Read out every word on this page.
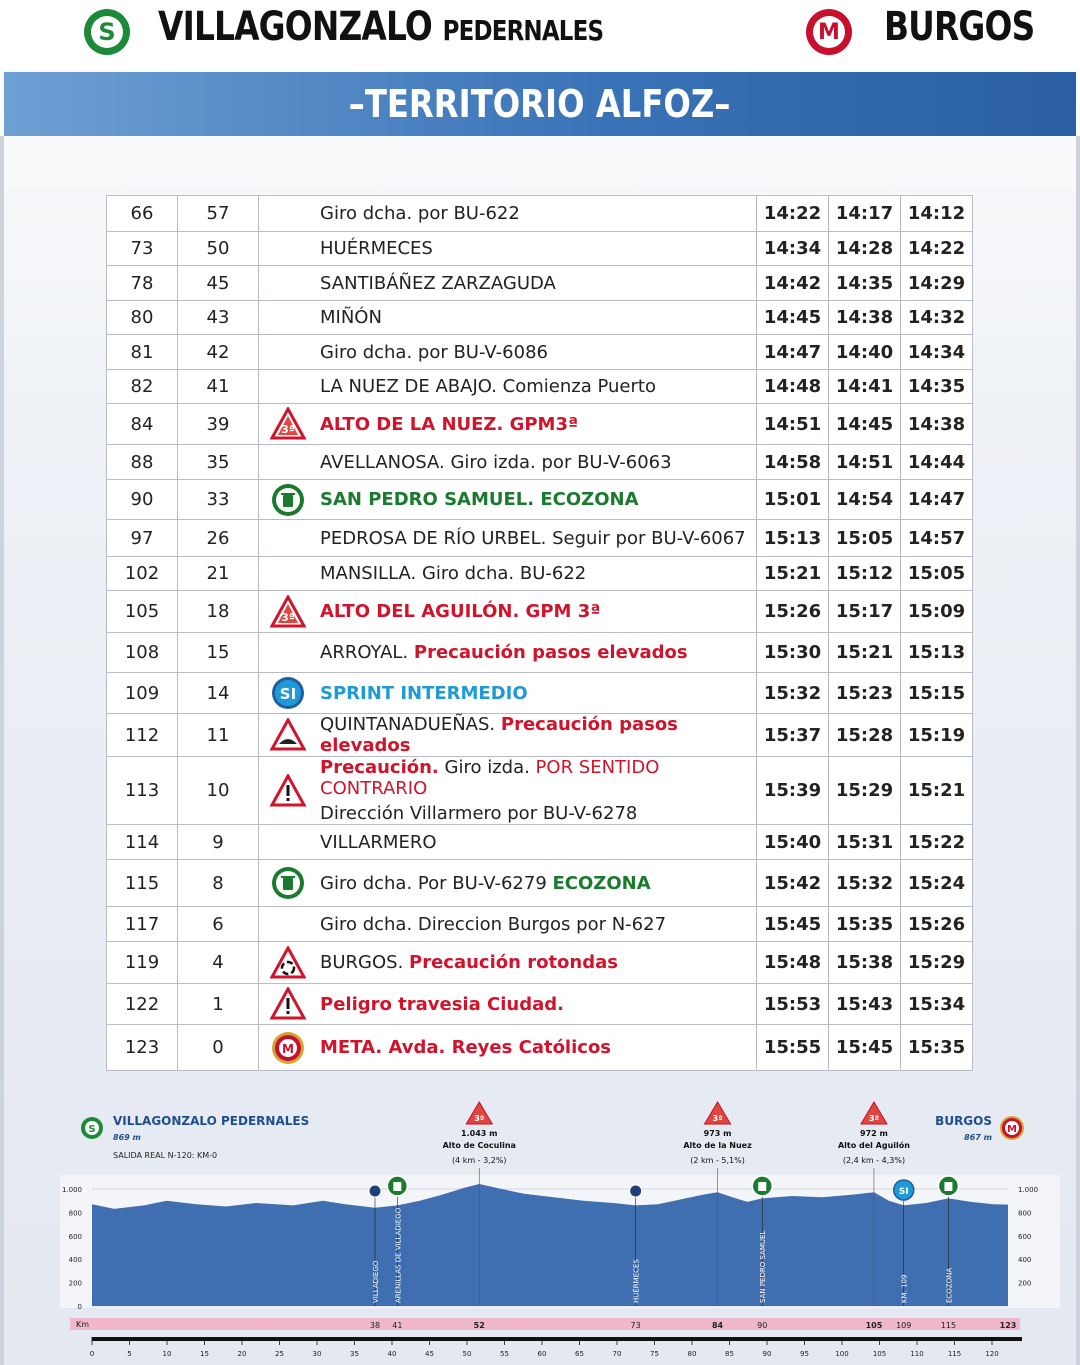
S VILLAGONZALO PEDERNALES	M BURGOS
–TERRITORIO ALFOZ–
66	57	Giro dcha. por BU-622	14:22	14:17	14:12
73	50	HUÉRMECES	14:34	14:28	14:22
78	45	SANTIBÁÑEZ ZARZAGUDA	14:42	14:35	14:29
80	43	MIÑÓN	14:45	14:38	14:32
81	42	Giro dcha. por BU-V-6086	14:47	14:40	14:34
82	41	LA NUEZ DE ABAJO. Comienza Puerto	14:48	14:41	14:35
84	39	3ª ALTO DE LA NUEZ. GPM3ª	14:51	14:45	14:38
88	35	AVELLANOSA. Giro izda. por BU-V-6063	14:58	14:51	14:44
90	33	SAN PEDRO SAMUEL. ECOZONA	15:01	14:54	14:47
97	26	PEDROSA DE RÍO URBEL. Seguir por BU-V-6067	15:13	15:05	14:57
102	21	MANSILLA. Giro dcha. BU-622	15:21	15:12	15:05
105	18	3ª ALTO DEL AGUILÓN. GPM 3ª	15:26	15:17	15:09
108	15	ARROYAL. Precaución pasos elevados	15:30	15:21	15:13
109	14	SI SPRINT INTERMEDIO	15:32	15:23	15:15
112	11	QUINTANADUEÑAS. Precaución pasos elevados	15:37	15:28	15:19
113	10	Precaución. Giro izda. POR SENTIDO CONTRARIO
Dirección Villarmero por BU-V-6278	15:39	15:29	15:21
114	9	VILLARMERO	15:40	15:31	15:22
115	8	Giro dcha. Por BU-V-6279 ECOZONA	15:42	15:32	15:24
117	6	Giro dcha. Direccion Burgos por N-627	15:45	15:35	15:26
119	4	BURGOS. Precaución rotondas	15:48	15:38	15:29
122	1	Peligro travesia Ciudad.	15:53	15:43	15:34
123	0	M META. Avda. Reyes Católicos	15:55	15:45	15:35
1.000
800
600
400
200
0
1.000
800
600
400
200
S	M
VILLAGONZALO PEDERNALES
869 m
SALIDA REAL N-120: KM-0
BURGOS
867 m
3ª
1.043 m
Alto de Coculina
(4 km - 3,2%)
3ª
973 m
Alto de la Nuez
(2 km - 5,1%)
3ª
972 m
Alto del Aguilón
(2,4 km - 4,3%)
VILLADIEGO ARENILLAS DE VILLADIEGO	HUÉRMECES	SAN PEDRO SAMUEL
SI
KM. 109	ECOZONA
Km	38 41	52	73	84	90	105 109	115	123
0	5	10	15	20	25	30	35	40	45	50	55	60	65	70	75	80	85	90	95	100	105	110	115	120
